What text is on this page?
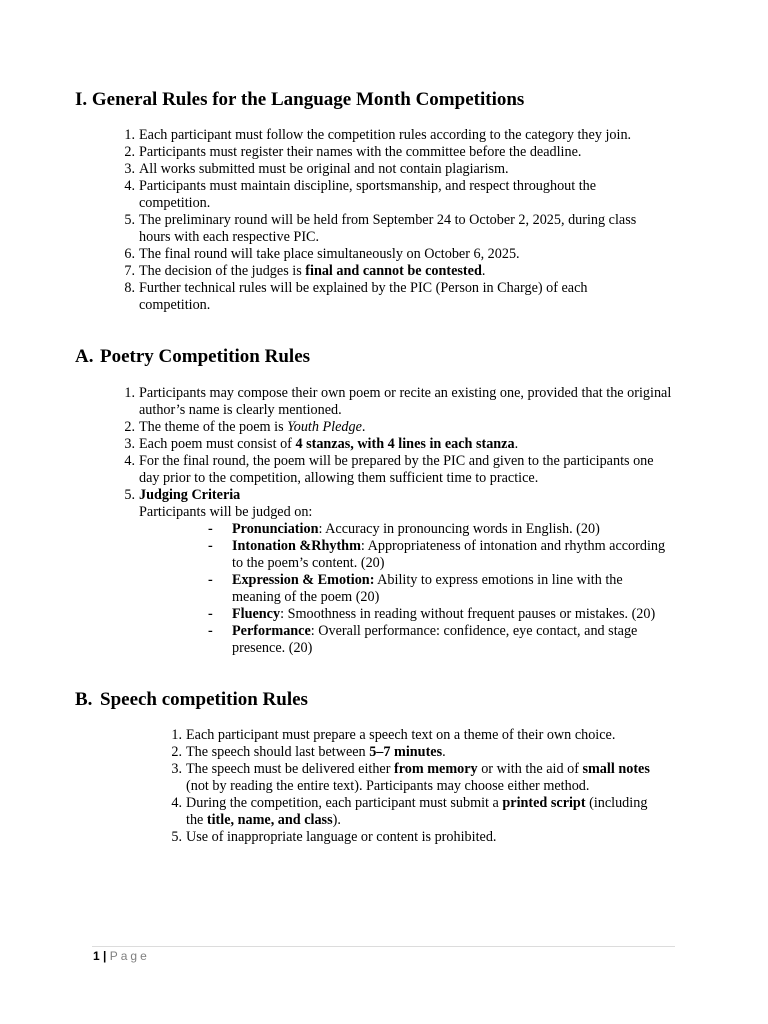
I. General Rules for the Language Month Competitions
1. Each participant must follow the competition rules according to the category they join.
2. Participants must register their names with the committee before the deadline.
3. All works submitted must be original and not contain plagiarism.
4. Participants must maintain discipline, sportsmanship, and respect throughout the competition.
5. The preliminary round will be held from September 24 to October 2, 2025, during class hours with each respective PIC.
6. The final round will take place simultaneously on October 6, 2025.
7. The decision of the judges is final and cannot be contested.
8. Further technical rules will be explained by the PIC (Person in Charge) of each competition.
A. Poetry Competition Rules
1. Participants may compose their own poem or recite an existing one, provided that the original author’s name is clearly mentioned.
2. The theme of the poem is Youth Pledge.
3. Each poem must consist of 4 stanzas, with 4 lines in each stanza.
4. For the final round, the poem will be prepared by the PIC and given to the participants one day prior to the competition, allowing them sufficient time to practice.
5. Judging Criteria
Participants will be judged on:
- Pronunciation: Accuracy in pronouncing words in English. (20)
- Intonation &Rhythm: Appropriateness of intonation and rhythm according to the poem’s content. (20)
- Expression & Emotion: Ability to express emotions in line with the meaning of the poem (20)
- Fluency: Smoothness in reading without frequent pauses or mistakes. (20)
- Performance: Overall performance: confidence, eye contact, and stage presence. (20)
B. Speech competition Rules
1. Each participant must prepare a speech text on a theme of their own choice.
2. The speech should last between 5–7 minutes.
3. The speech must be delivered either from memory or with the aid of small notes (not by reading the entire text). Participants may choose either method.
4. During the competition, each participant must submit a printed script (including the title, name, and class).
5. Use of inappropriate language or content is prohibited.
1 | Page
